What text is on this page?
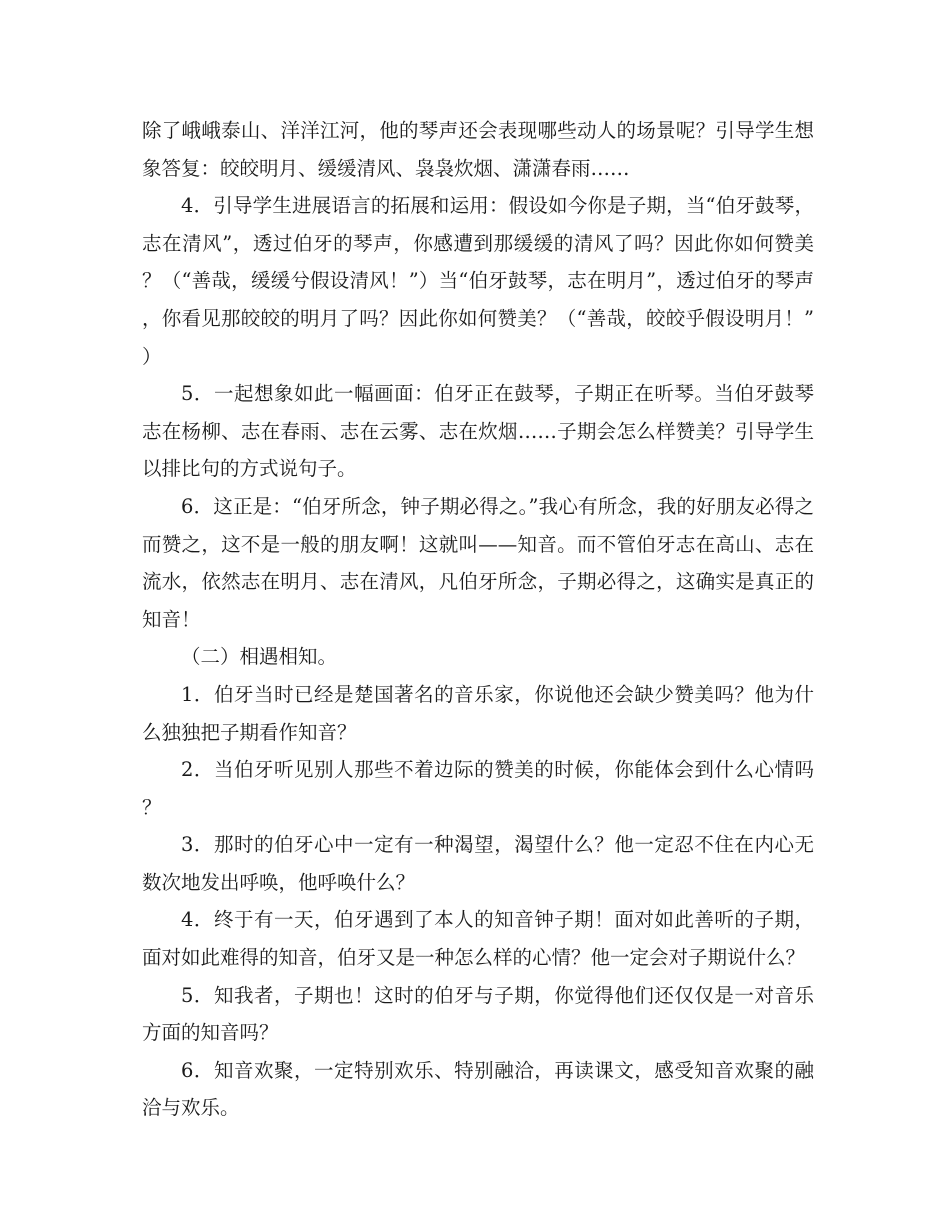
除了峨峨泰山、洋洋江河，他的琴声还会表现哪些动人的场景呢？引导学生想象答复：皎皎明月、缓缓清风、袅袅炊烟、潇潇春雨……

4．引导学生进展语言的拓展和运用：假设如今你是子期，当“伯牙鼓琴，志在清风”，透过伯牙的琴声，你感遭到那缓缓的清风了吗？因此你如何赞美？（“善哉，缓缓兮假设清风！”）当“伯牙鼓琴，志在明月”，透过伯牙的琴声，你看见那皎皎的明月了吗？因此你如何赞美？（“善哉，皎皎乎假设明月！”）

5．一起想象如此一幅画面：伯牙正在鼓琴，子期正在听琴。当伯牙鼓琴志在杨柳、志在春雨、志在云雾、志在炊烟……子期会怎么样赞美？引导学生以排比句的方式说句子。

6．这正是：“伯牙所念，钟子期必得之。”我心有所念，我的好朋友必得之而赞之，这不是一般的朋友啊！这就叫——知音。而不管伯牙志在高山、志在流水，依然志在明月、志在清风，凡伯牙所念，子期必得之，这确实是真正的知音！

（二）相遇相知。

1．伯牙当时已经是楚国著名的音乐家，你说他还会缺少赞美吗？他为什么独独把子期看作知音？

2．当伯牙听见别人那些不着边际的赞美的时候，你能体会到什么心情吗？

3．那时的伯牙心中一定有一种渴望，渴望什么？他一定忍不住在内心无数次地发出呼唤，他呼唤什么？

4．终于有一天，伯牙遇到了本人的知音钟子期！面对如此善听的子期，面对如此难得的知音，伯牙又是一种怎么样的心情？他一定会对子期说什么？

5．知我者，子期也！这时的伯牙与子期，你觉得他们还仅仅是一对音乐方面的知音吗？

6．知音欢聚，一定特别欢乐、特别融洽，再读课文，感受知音欢聚的融洽与欢乐。
